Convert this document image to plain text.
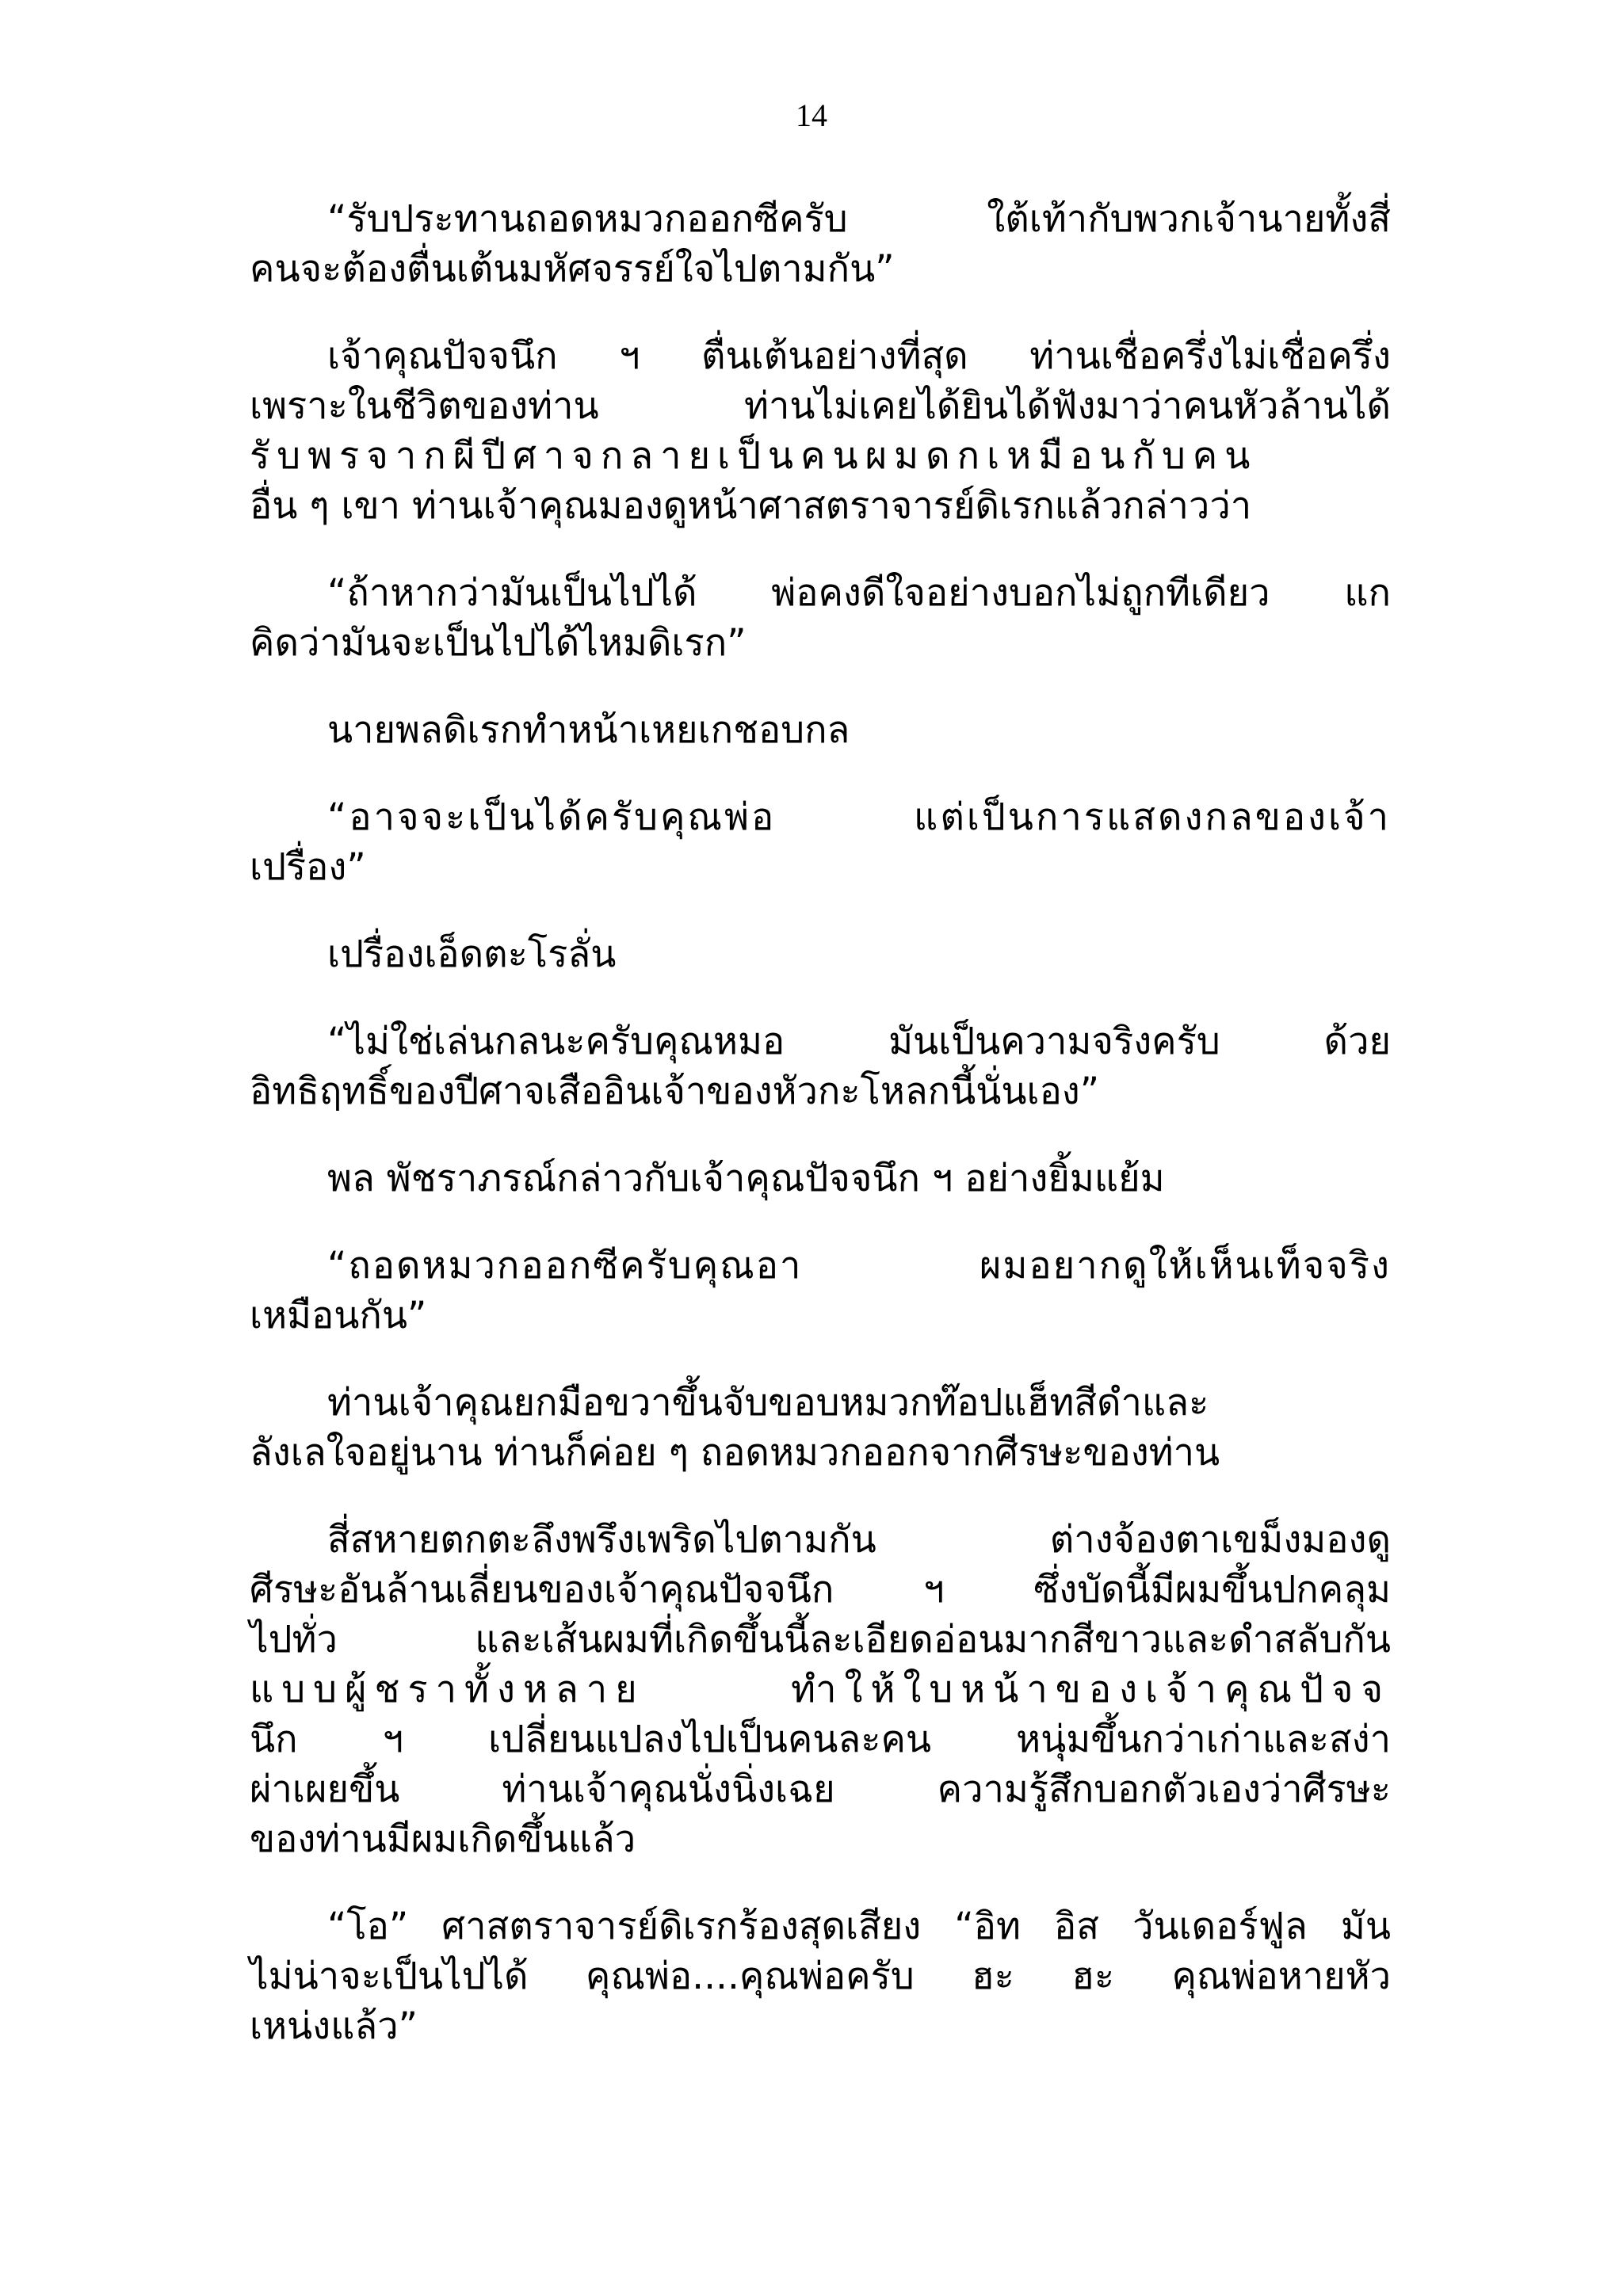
14

“รับประทานถอดหมวกออกซีครับ ใต้เท้ากับพวกเจ้านายทั้งสี่
คนจะต้องตื่นเต้นมหัศจรรย์ใจไปตามกัน”

เจ้าคุณปัจจนึก ฯ ตื่นเต้นอย่างที่สุด ท่านเชื่อครึ่งไม่เชื่อครึ่ง
เพราะในชีวิตของท่าน ท่านไม่เคยได้ยินได้ฟังมาว่าคนหัวล้านได้
รับพรจากผีปีศาจกลายเป็นคนผมดกเหมือนกับคน
อื่น ๆ เขา ท่านเจ้าคุณมองดูหน้าศาสตราจารย์ดิเรกแล้วกล่าวว่า

“ถ้าหากว่ามันเป็นไปได้ พ่อคงดีใจอย่างบอกไม่ถูกทีเดียว แก
คิดว่ามันจะเป็นไปได้ไหมดิเรก”

นายพลดิเรกทำหน้าเหยเกชอบกล

“อาจจะเป็นได้ครับคุณพ่อ แต่เป็นการแสดงกลของเจ้า
เปรื่อง”

เปรื่องเอ็ดตะโรลั่น

“ไม่ใช่เล่นกลนะครับคุณหมอ มันเป็นความจริงครับ ด้วย
อิทธิฤทธิ์ของปีศาจเสืออินเจ้าของหัวกะโหลกนี้นั่นเอง”

พล พัชราภรณ์กล่าวกับเจ้าคุณปัจจนึก ฯ อย่างยิ้มแย้ม

“ถอดหมวกออกซีครับคุณอา ผมอยากดูให้เห็นเท็จจริง
เหมือนกัน”

ท่านเจ้าคุณยกมือขวาขึ้นจับขอบหมวกท๊อปแฮ็ทสีดำและ
ลังเลใจอยู่นาน ท่านก็ค่อย ๆ ถอดหมวกออกจากศีรษะของท่าน

สี่สหายตกตะลึงพรึงเพริดไปตามกัน ต่างจ้องตาเขม็งมองดู
ศีรษะอันล้านเลี่ยนของเจ้าคุณปัจจนึก ฯ ซึ่งบัดนี้มีผมขึ้นปกคลุม
ไปทั่ว และเส้นผมที่เกิดขึ้นนี้ละเอียดอ่อนมากสีขาวและดำสลับกัน
แบบผู้ชราทั้งหลาย ทำให้ใบหน้าของเจ้าคุณปัจจ
นึก ฯ เปลี่ยนแปลงไปเป็นคนละคน หนุ่มขึ้นกว่าเก่าและสง่า
ผ่าเผยขึ้น ท่านเจ้าคุณนั่งนิ่งเฉย ความรู้สึกบอกตัวเองว่าศีรษะ
ของท่านมีผมเกิดขึ้นแล้ว

“โอ” ศาสตราจารย์ดิเรกร้องสุดเสียง “อิท อิส วันเดอร์ฟูล มัน
ไม่น่าจะเป็นไปได้ คุณพ่อ....คุณพ่อครับ ฮะ ฮะ คุณพ่อหายหัว
เหน่งแล้ว”
